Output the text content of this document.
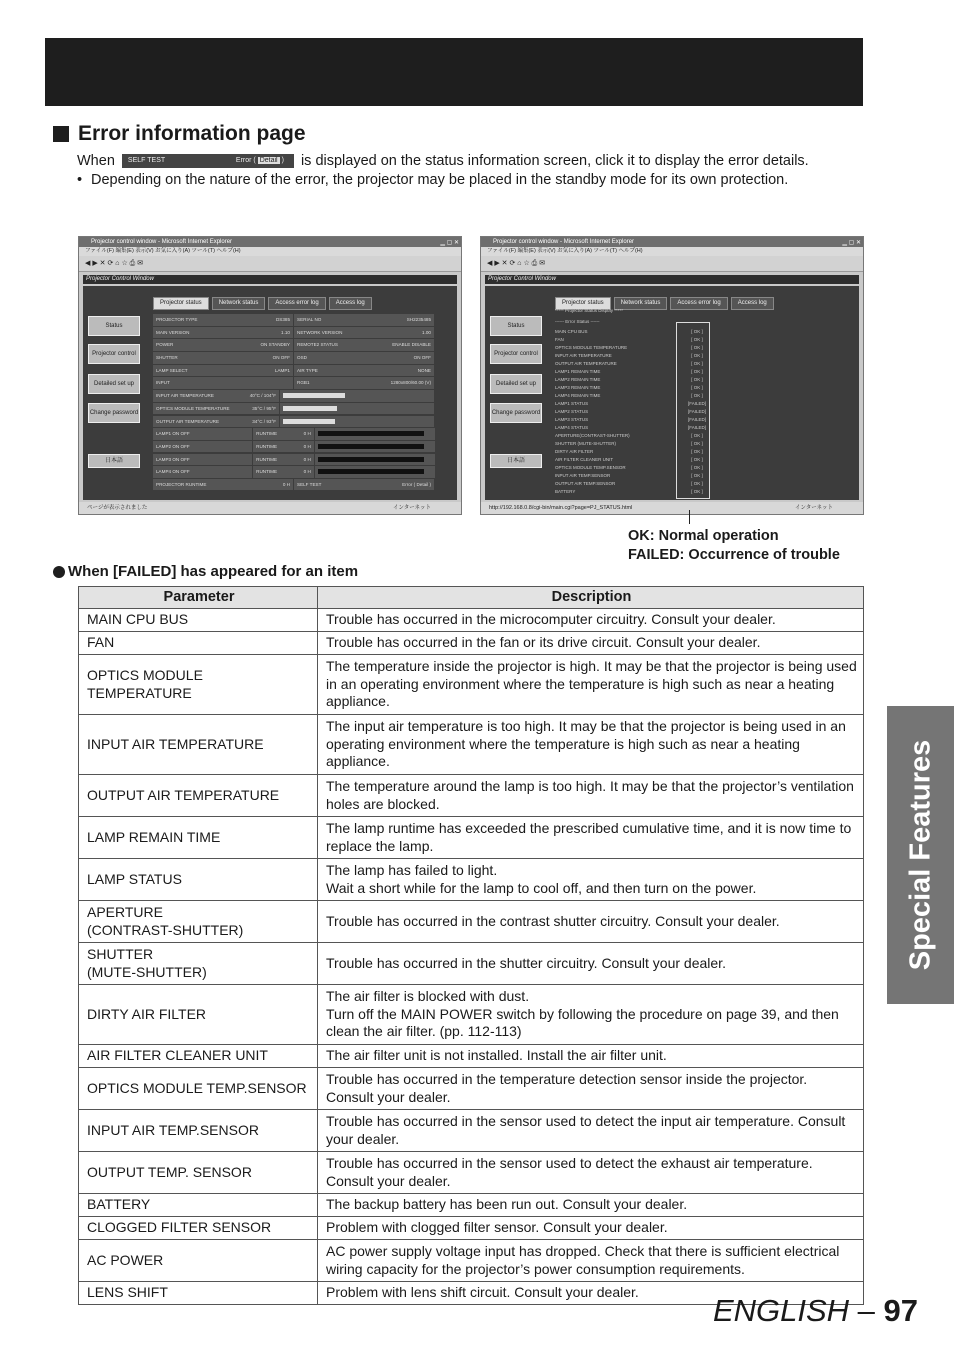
Error information page
When SELF TEST	Error ( Detail ) is displayed on the status information screen, click it to display the error details.
• Depending on the nature of the error, the projector may be placed in the standby mode for its own protection.
Projector control window - Microsoft Internet Explorer	▁ ▢ ✕
ファイル(F) 編集(E) 表示(V) お気に入り(A) ツール(T) ヘルプ(H)
◀ ▶ ✕ ⟳ ⌂ ☆ ⎙ ✉
Projector Control Window
Status
Projector control
Detailed set up
Change password
日本語
Projector status	Network status	Access error log	Access log
PROJECTOR TYPE	DS385	SERIAL NO	SH2235485
MAIN VERSION	1.10	NETWORK VERSION	1.00
POWER	ON STANDBY	REMOTE2 STATUS	ENABLE DISABLE
SHUTTER	ON OFF	OSD	ON OFF
LAMP SELECT	LAMP1	AIR TYPE	NONE
INPUT	RGB1	1280x800/60.00 (V)
INPUT AIR TEMPERATURE	40°C / 104°F
OPTICS MODULE TEMPERATURE	35°C / 95°F
OUTPUT AIR TEMPERATURE	34°C / 93°F
LAMP1 ON OFF	RUNTIME	0 H
LAMP2 ON OFF	RUNTIME	0 H
LAMP3 ON OFF	RUNTIME	0 H
LAMP4 ON OFF	RUNTIME	0 H
PROJECTOR RUNTIME	0 H	SELF TEST	Error ( Detail )
ページが表示されました	インターネット
Projector control window - Microsoft Internet Explorer	▁ ▢ ✕
ファイル(F) 編集(E) 表示(V) お気に入り(A) ツール(T) ヘルプ(H)
◀ ▶ ✕ ⟳ ⌂ ☆ ⎙ ✉
Projector Control Window
Status
Projector control
Detailed set up
Change password
日本語
Projector status	Network status	Access error log	Access log
***** Projector Status Display *****
------ Error Status ------
MAIN CPU BUS	[ OK ]
FAN	[ OK ]
OPTICS MODULE TEMPERATURE	[ OK ]
INPUT AIR TEMPERATURE	[ OK ]
OUTPUT AIR TEMPERATURE	[ OK ]
LAMP1 REMAIN TIME	[ OK ]
LAMP2 REMAIN TIME	[ OK ]
LAMP3 REMAIN TIME	[ OK ]
LAMP4 REMAIN TIME	[ OK ]
LAMP1 STATUS	[FAILED]
LAMP2 STATUS	[FAILED]
LAMP3 STATUS	[FAILED]
LAMP4 STATUS	[FAILED]
APERTURE(CONTRAST-SHUTTER)	[ OK ]
SHUTTER (MUTE-SHUTTER)	[ OK ]
DIRTY AIR FILTER	[ OK ]
AIR FILTER CLEANER UNIT	[ OK ]
OPTICS MODULE TEMP.SENSOR	[ OK ]
INPUT AIR TEMP.SENSOR	[ OK ]
OUTPUT AIR TEMP.SENSOR	[ OK ]
BATTERY	[ OK ]
http://192.168.0.8/cgi-bin/main.cgi?page=PJ_STATUS.html	インターネット
OK: Normal operation
FAILED: Occurrence of trouble
When [FAILED] has appeared for an item
Parameter	Description

MAIN CPU BUS	Trouble has occurred in the microcomputer circuitry. Consult your dealer.

FAN	Trouble has occurred in the fan or its drive circuit. Consult your dealer.

OPTICS MODULE TEMPERATURE	The temperature inside the projector is high. It may be that the projector is being used in an operating environment where the temperature is high such as near a heating appliance.

INPUT AIR TEMPERATURE	The input air temperature is too high. It may be that the projector is being used in an operating environment where the temperature is high such as near a heating appliance.

OUTPUT AIR TEMPERATURE	The temperature around the lamp is too high. It may be that the projector’s ventilation holes are blocked.

LAMP REMAIN TIME	The lamp runtime has exceeded the prescribed cumulative time, and it is now time to replace the lamp.

LAMP STATUS	The lamp has failed to light.
Wait a short while for the lamp to cool off, and then turn on the power.

APERTURE
(CONTRAST-SHUTTER)	Trouble has occurred in the contrast shutter circuitry. Consult your dealer.

SHUTTER
(MUTE-SHUTTER)	Trouble has occurred in the shutter circuitry. Consult your dealer.

DIRTY AIR FILTER	The air filter is blocked with dust.
Turn off the MAIN POWER switch by following the procedure on page 39, and then clean the air filter. (pp. 112-113)

AIR FILTER CLEANER UNIT	The air filter unit is not installed. Install the air filter unit.

OPTICS MODULE TEMP.SENSOR	Trouble has occurred in the temperature detection sensor inside the projector. Consult your dealer.

INPUT AIR TEMP.SENSOR	Trouble has occurred in the sensor used to detect the input air temperature. Consult your dealer.

OUTPUT TEMP. SENSOR	Trouble has occurred in the sensor used to detect the exhaust air temperature. Consult your dealer.

BATTERY	The backup battery has been run out. Consult your dealer.

CLOGGED FILTER SENSOR	Problem with clogged filter sensor. Consult your dealer.

AC POWER	AC power supply voltage input has dropped. Check that there is sufficient electrical wiring capacity for the projector’s power consumption requirements.

LENS SHIFT	Problem with lens shift circuit. Consult your dealer.
Special Features
ENGLISH – 97
